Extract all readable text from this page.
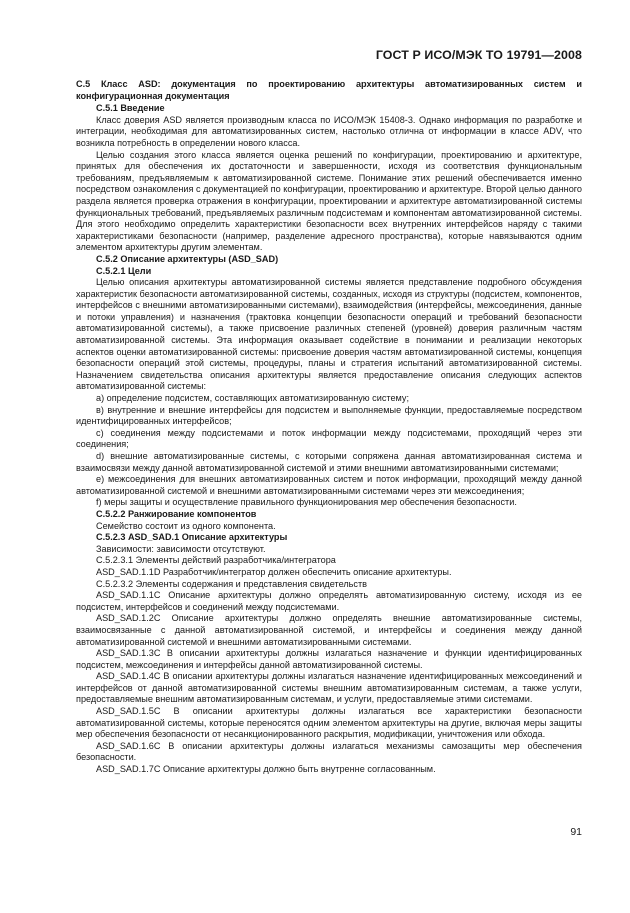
ГОСТ Р ИСО/МЭК ТО 19791—2008

С.5 Класс ASD: документация по проектированию архитектуры автоматизированных систем и конфигурационная документация

С.5.1 Введение

Класс доверия ASD является производным класса по ИСО/МЭК 15408-3. Однако информация по разработке и интеграции, необходимая для автоматизированных систем, настолько отлична от информации в классе ADV, что возникла потребность в определении нового класса.

Целью создания этого класса является оценка решений по конфигурации, проектированию и архитектуре, принятых для обеспечения их достаточности и завершенности, исходя из соответствия функциональным требованиям, предъявляемым к автоматизированной системе. Понимание этих решений обеспечивается именно посредством ознакомления с документацией по конфигурации, проектированию и архитектуре. Второй целью данного раздела является проверка отражения в конфигурации, проектировании и архитектуре автоматизированной системы функциональных требований, предъявляемых различным подсистемам и компонентам автоматизированной системы. Для этого необходимо определить характеристики безопасности всех внутренних интерфейсов наряду с такими характеристиками безопасности (например, разделение адресного пространства), которые навязываются одним элементом архитектуры другим элементам.

С.5.2 Описание архитектуры (ASD_SAD)

С.5.2.1 Цели

Целью описания архитектуры автоматизированной системы является представление подробного обсуждения характеристик безопасности автоматизированной системы, созданных, исходя из структуры (подсистем, компонентов, интерфейсов с внешними автоматизированными системами), взаимодействия (интерфейсы, межсоединения, данные и потоки управления) и назначения (трактовка концепции безопасности операций и требований безопасности автоматизированной системы), а также присвоение различных степеней (уровней) доверия различным частям автоматизированной системы. Эта информация оказывает содействие в понимании и реализации некоторых аспектов оценки автоматизированной системы: присвоение доверия частям автоматизированной системы, концепция безопасности операций этой системы, процедуры, планы и стратегия испытаний автоматизированной системы. Назначением свидетельства описания архитектуры является предоставление описания следующих аспектов автоматизированной системы:

а) определение подсистем, составляющих автоматизированную систему;

в) внутренние и внешние интерфейсы для подсистем и выполняемые функции, предоставляемые посредством идентифицированных интерфейсов;

с) соединения между подсистемами и поток информации между подсистемами, проходящий через эти соединения;

d) внешние автоматизированные системы, с которыми сопряжена данная автоматизированная система и взаимосвязи между данной автоматизированной системой и этими внешними автоматизированными системами;

е) межсоединения для внешних автоматизированных систем и поток информации, проходящий между данной автоматизированной системой и внешними автоматизированными системами через эти межсоединения;

f) меры защиты и осуществление правильного функционирования мер обеспечения безопасности.

С.5.2.2 Ранжирование компонентов

Семейство состоит из одного компонента.

С.5.2.3 ASD_SAD.1 Описание архитектуры

Зависимости: зависимости отсутствуют.

С.5.2.3.1 Элементы действий разработчика/интегратора

ASD_SAD.1.1D Разработчик/интегратор должен обеспечить описание архитектуры.

С.5.2.3.2 Элементы содержания и представления свидетельств

ASD_SAD.1.1С Описание архитектуры должно определять автоматизированную систему, исходя из ее подсистем, интерфейсов и соединений между подсистемами.

ASD_SAD.1.2С Описание архитектуры должно определять внешние автоматизированные системы, взаимосвязанные с данной автоматизированной системой, и интерфейсы и соединения между данной автоматизированной системой и внешними автоматизированными системами.

ASD_SAD.1.3С В описании архитектуры должны излагаться назначение и функции идентифицированных подсистем, межсоединения и интерфейсы данной автоматизированной системы.

ASD_SAD.1.4С В описании архитектуры должны излагаться назначение идентифицированных межсоединений и интерфейсов от данной автоматизированной системы внешним автоматизированным системам, а также услуги, предоставляемые внешним автоматизированным системам, и услуги, предоставляемые этими системами.

ASD_SAD.1.5С В описании архитектуры должны излагаться все характеристики безопасности автоматизированной системы, которые переносятся одним элементом архитектуры на другие, включая меры защиты мер обеспечения безопасности от несанкционированного раскрытия, модификации, уничтожения или обхода.

ASD_SAD.1.6С В описании архитектуры должны излагаться механизмы самозащиты мер обеспечения безопасности.

ASD_SAD.1.7С Описание архитектуры должно быть внутренне согласованным.

91
